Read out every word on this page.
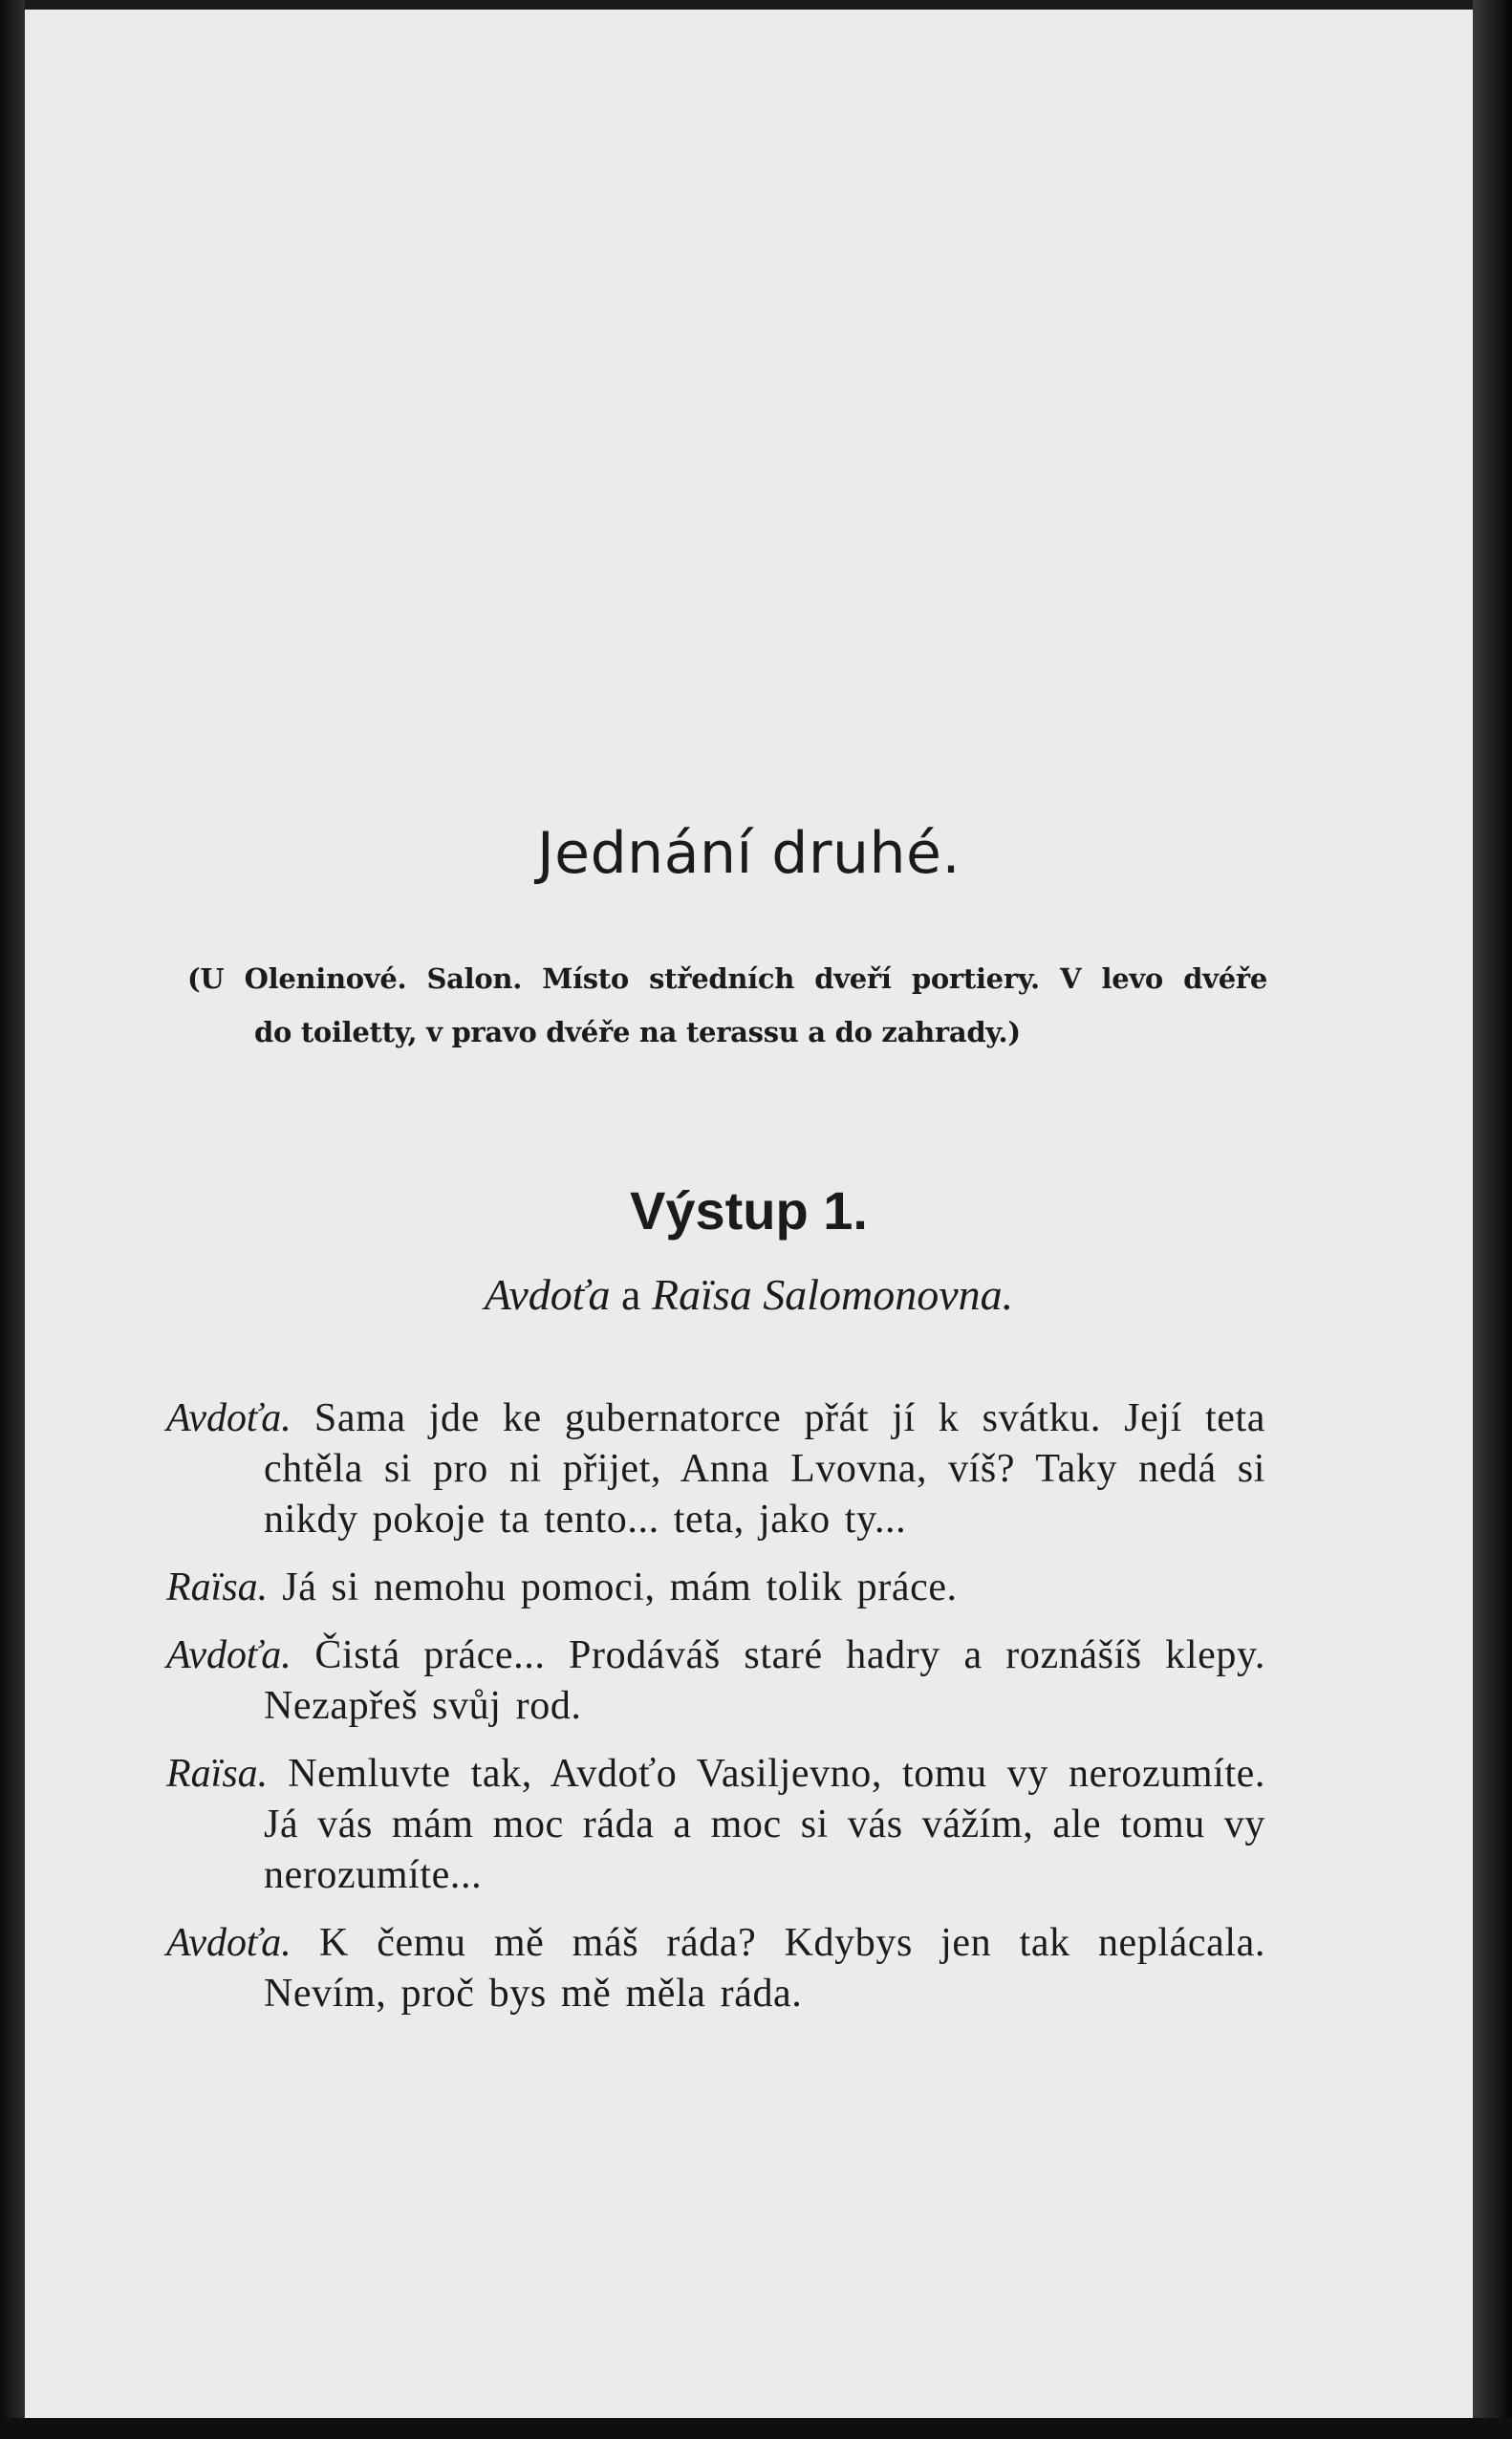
Jednání druhé.

(U Oleninové. Salon. Místo středních dveří portiery. V levo dvéře
do toiletty, v pravo dvéře na terassu a do zahrady.)

Výstup 1.

Avdoťa a Raïsa Salomonovna.

Avdoťa. Sama jde ke gubernatorce přát jí k svátku. Její teta chtěla si pro ni přijet, Anna Lvovna, víš? Taky nedá si nikdy pokoje ta tento... teta, jako ty...

Raïsa. Já si nemohu pomoci, mám tolik práce.

Avdoťa. Čistá práce... Prodáváš staré hadry a roznášíš klepy. Nezapřeš svůj rod.

Raïsa. Nemluvte tak, Avdoťo Vasiljevno, tomu vy nerozumíte. Já vás mám moc ráda a moc si vás vážím, ale tomu vy nerozumíte...

Avdoťa. K čemu mě máš ráda? Kdybys jen tak neplácala. Nevím, proč bys mě měla ráda.
